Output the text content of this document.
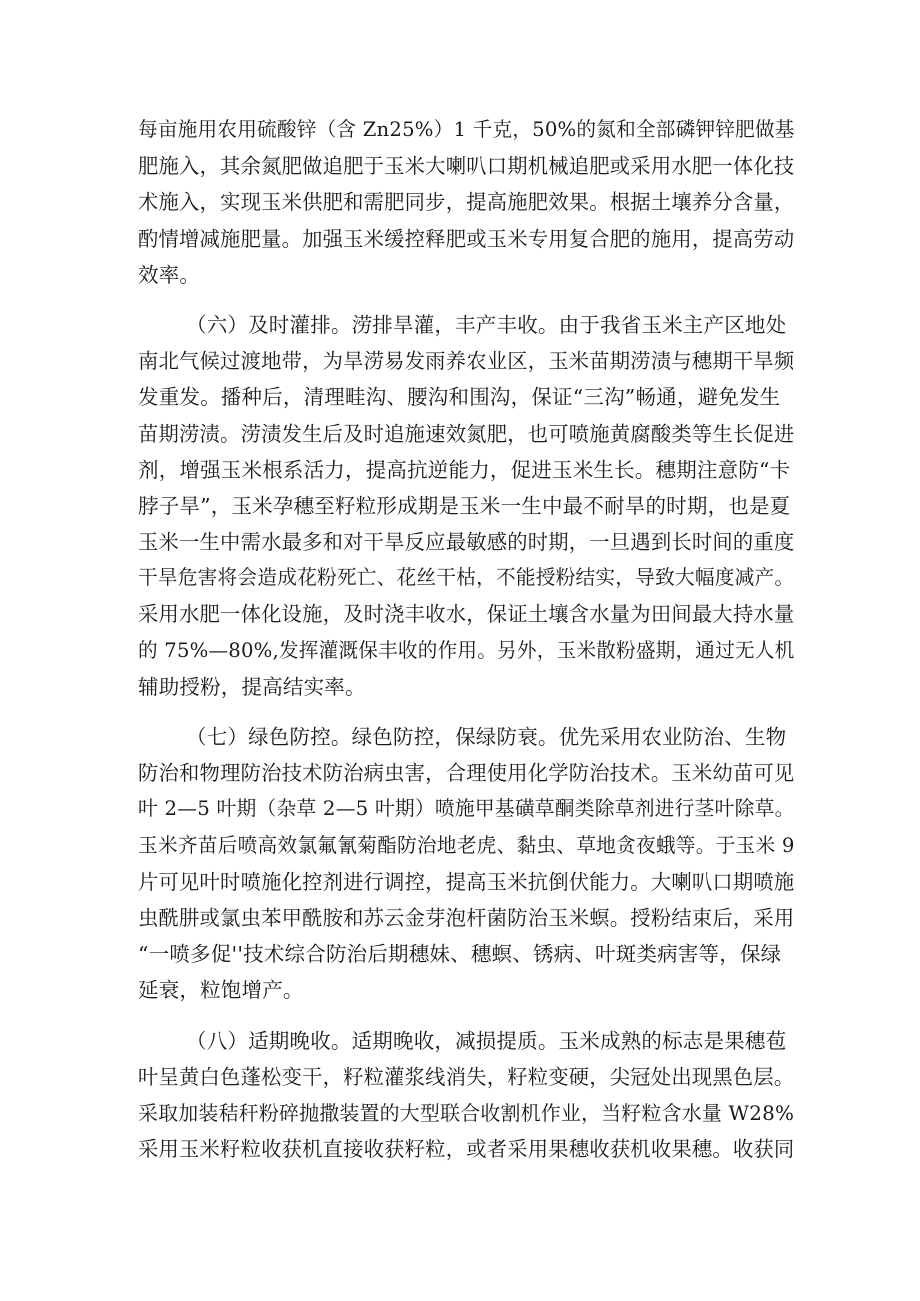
每亩施用农用硫酸锌（含 Zn25%）1 千克，50%的氮和全部磷钾锌肥做基
肥施入，其余氮肥做追肥于玉米大喇叭口期机械追肥或采用水肥一体化技
术施入，实现玉米供肥和需肥同步，提高施肥效果。根据土壤养分含量，
酌情增减施肥量。加强玉米缓控释肥或玉米专用复合肥的施用，提高劳动
效率。
（六）及时灌排。涝排旱灌，丰产丰收。由于我省玉米主产区地处
南北气候过渡地带，为旱涝易发雨养农业区，玉米苗期涝渍与穗期干旱频
发重发。播种后，清理畦沟、腰沟和围沟，保证“三沟”畅通，避免发生
苗期涝渍。涝渍发生后及时追施速效氮肥，也可喷施黄腐酸类等生长促进
剂，增强玉米根系活力，提高抗逆能力，促进玉米生长。穗期注意防“卡
脖子旱”，玉米孕穗至籽粒形成期是玉米一生中最不耐旱的时期，也是夏
玉米一生中需水最多和对干旱反应最敏感的时期，一旦遇到长时间的重度
干旱危害将会造成花粉死亡、花丝干枯，不能授粉结实，导致大幅度减产。
采用水肥一体化设施，及时浇丰收水，保证土壤含水量为田间最大持水量
的 75%—80%,发挥灌溉保丰收的作用。另外，玉米散粉盛期，通过无人机
辅助授粉，提高结实率。
（七）绿色防控。绿色防控，保绿防衰。优先采用农业防治、生物
防治和物理防治技术防治病虫害，合理使用化学防治技术。玉米幼苗可见
叶 2—5 叶期（杂草 2—5 叶期）喷施甲基磺草酮类除草剂进行茎叶除草。
玉米齐苗后喷高效氯氟氰菊酯防治地老虎、黏虫、草地贪夜蛾等。于玉米 9
片可见叶时喷施化控剂进行调控，提高玉米抗倒伏能力。大喇叭口期喷施
虫酰肼或氯虫苯甲酰胺和苏云金芽泡杆菌防治玉米螟。授粉结束后，采用
“一喷多促''技术综合防治后期穗妹、穗螟、锈病、叶斑类病害等，保绿
延衰，粒饱增产。
（八）适期晚收。适期晚收，减损提质。玉米成熟的标志是果穗苞
叶呈黄白色蓬松变干，籽粒灌浆线消失，籽粒变硬，尖冠处出现黑色层。
采取加装秸秆粉碎抛撒装置的大型联合收割机作业，当籽粒含水量 W28%
采用玉米籽粒收获机直接收获籽粒，或者采用果穗收获机收果穗。收获同
